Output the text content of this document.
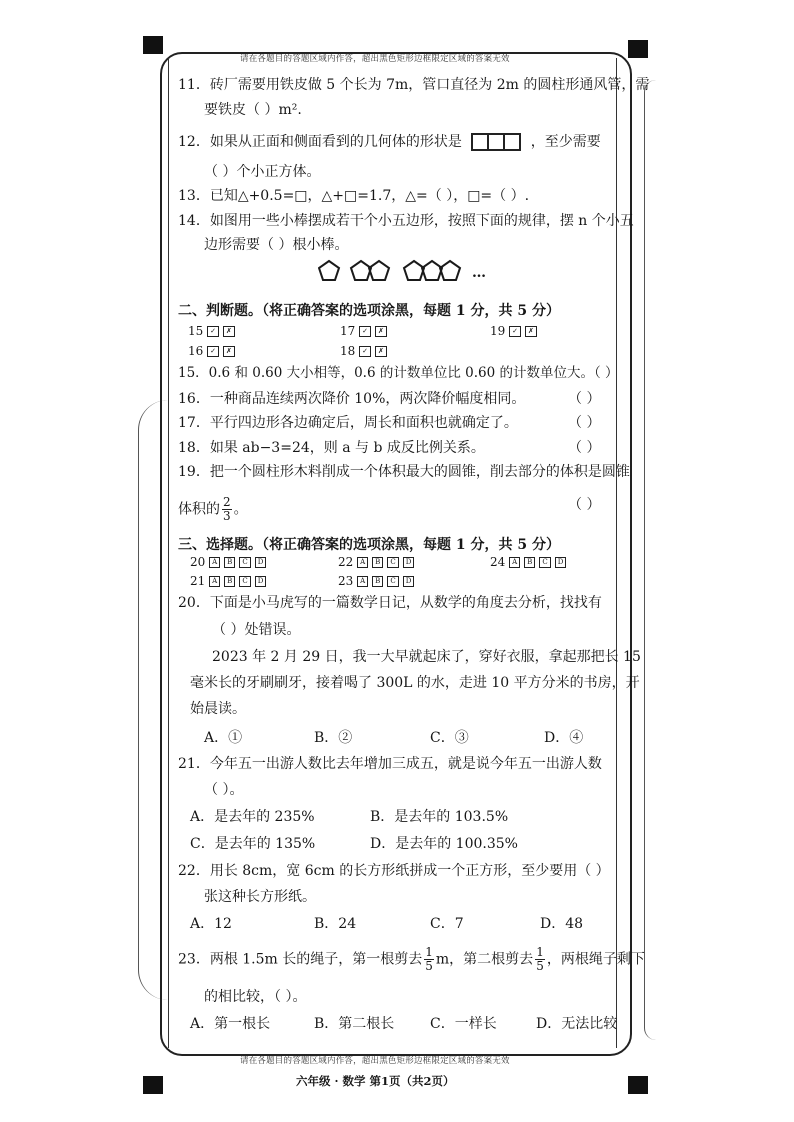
请在各题目的答题区域内作答，超出黑色矩形边框限定区域的答案无效
11．砖厂需要用铁皮做 5 个长为 7m，管口直径为 2m 的圆柱形通风管，需
要铁皮（ ）m².
12．如果从正面和侧面看到的几何体的形状是	，至少需要
（ ）个小正方体。
13．已知△+0.5=□，△+□=1.7，△=（ ），□=（ ）.
14．如图用一些小棒摆成若干个小五边形，按照下面的规律，摆 n 个小五
边形需要（ ）根小棒。
…
二、判断题。（将正确答案的选项涂黑，每题 1 分，共 5 分）
15 ✓ ✗
16 ✓ ✗
17 ✓ ✗
18 ✓ ✗
19 ✓ ✗
15．0.6 和 0.60 大小相等，0.6 的计数单位比 0.60 的计数单位大。（ ）
16．一种商品连续两次降价 10%，两次降价幅度相同。	（ ）
17．平行四边形各边确定后，周长和面积也就确定了。	（ ）
18．如果 ab−3=24，则 a 与 b 成反比例关系。	（ ）
19．把一个圆柱形木料削成一个体积最大的圆锥，削去部分的体积是圆锥
体积的 $\frac{2}{3}$ 。	（ ）
三、选择题。（将正确答案的选项涂黑，每题 1 分，共 5 分）
20 A B C D
21 A B C D
22 A B C D
23 A B C D
24 A B C D
20．下面是小马虎写的一篇数学日记，从数学的角度去分析，找找有
（ ）处错误。
2023 年 2 月 29 日，我一大早就起床了，穿好衣服，拿起那把长 15
毫米长的牙刷刷牙，接着喝了 300L 的水，走进 10 平方分米的书房，开
始晨读。
A．①	B．②	C．③	D．④
21．今年五一出游人数比去年增加三成五，就是说今年五一出游人数
（ ）。
A．是去年的 235%	B．是去年的 103.5%
C．是去年的 135%	D．是去年的 100.35%
22．用长 8cm，宽 6cm 的长方形纸拼成一个正方形，至少要用（ ）
张这种长方形纸。
A．12	B．24	C．7	D．48
23．两根 1.5m 长的绳子，第一根剪去 $\frac{1}{5}$ m，第二根剪去 $\frac{1}{5}$ ，两根绳子剩下
的相比较，（ ）。
A．第一根长	B．第二根长	C．一样长	D．无法比较
请在各题目的答题区域内作答，超出黑色矩形边框限定区域的答案无效
六年级 · 数学 第1页（共2页）
